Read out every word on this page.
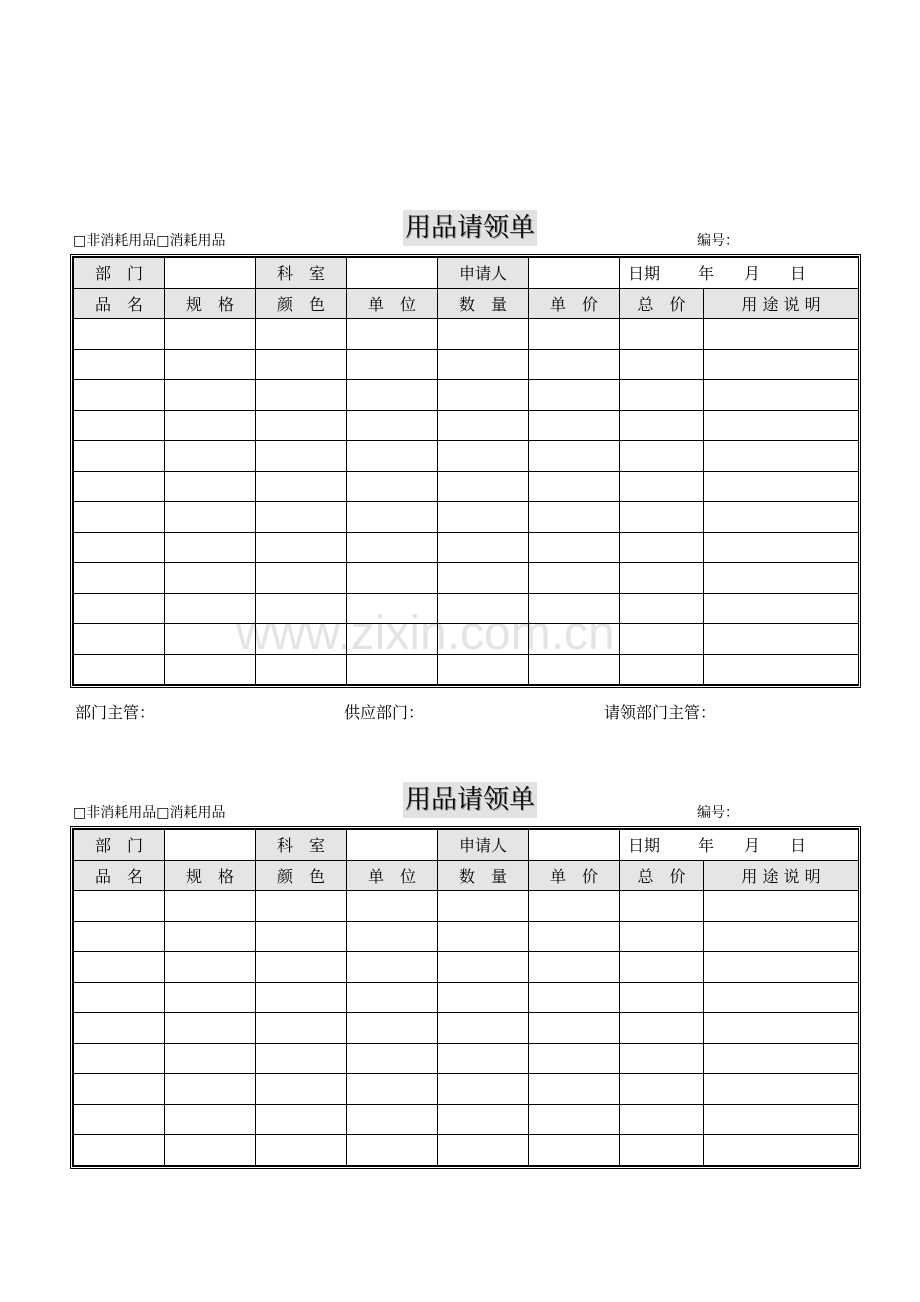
□非消耗用品□消耗用品	用品请领单	编号：
部　门		科　室		申请人		日期 年 月 日	
品　名	规　格	颜　色	单　位	数　量	单　价	总　价	用 途 说 明

部门主管：	供应部门：	请领部门主管：
□非消耗用品□消耗用品	用品请领单	编号：
部　门		科　室		申请人		日期 年 月 日	
品　名	规　格	颜　色	单　位	数　量	单　价	总　价	用 途 说 明

www.zixin.com.cn
